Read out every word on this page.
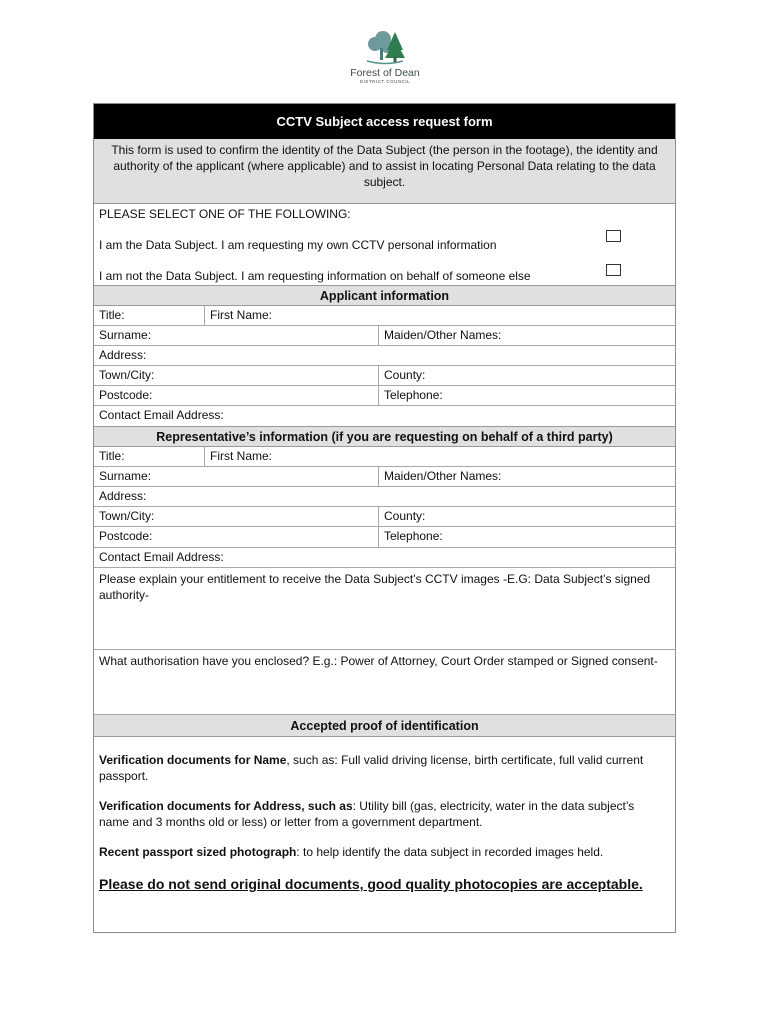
Forest of Dean
DISTRICT COUNCIL
CCTV Subject access request form
This form is used to confirm the identity of the Data Subject (the person in the footage), the identity and authority of the applicant (where applicable) and to assist in locating Personal Data relating to the data subject.
PLEASE SELECT ONE OF THE FOLLOWING:
I am the Data Subject. I am requesting my own CCTV personal information
I am not the Data Subject. I am requesting information on behalf of someone else
Applicant information
Title:	First Name:
Surname:	Maiden/Other Names:
Address:
Town/City:	County:
Postcode:	Telephone:
Contact Email Address:
Representative’s information (if you are requesting on behalf of a third party)
Title:	First Name:
Surname:	Maiden/Other Names:
Address:
Town/City:	County:
Postcode:	Telephone:
Contact Email Address:
Please explain your entitlement to receive the Data Subject’s CCTV images -E.G: Data Subject’s signed authority-
What authorisation have you enclosed? E.g.: Power of Attorney, Court Order stamped or Signed consent-
Accepted proof of identification

Verification documents for Name, such as: Full valid driving license, birth certificate, full valid current passport.

Verification documents for Address, such as: Utility bill (gas, electricity, water in the data subject’s name and 3 months old or less) or letter from a government department.

Recent passport sized photograph: to help identify the data subject in recorded images held.

Please do not send original documents, good quality photocopies are acceptable.
